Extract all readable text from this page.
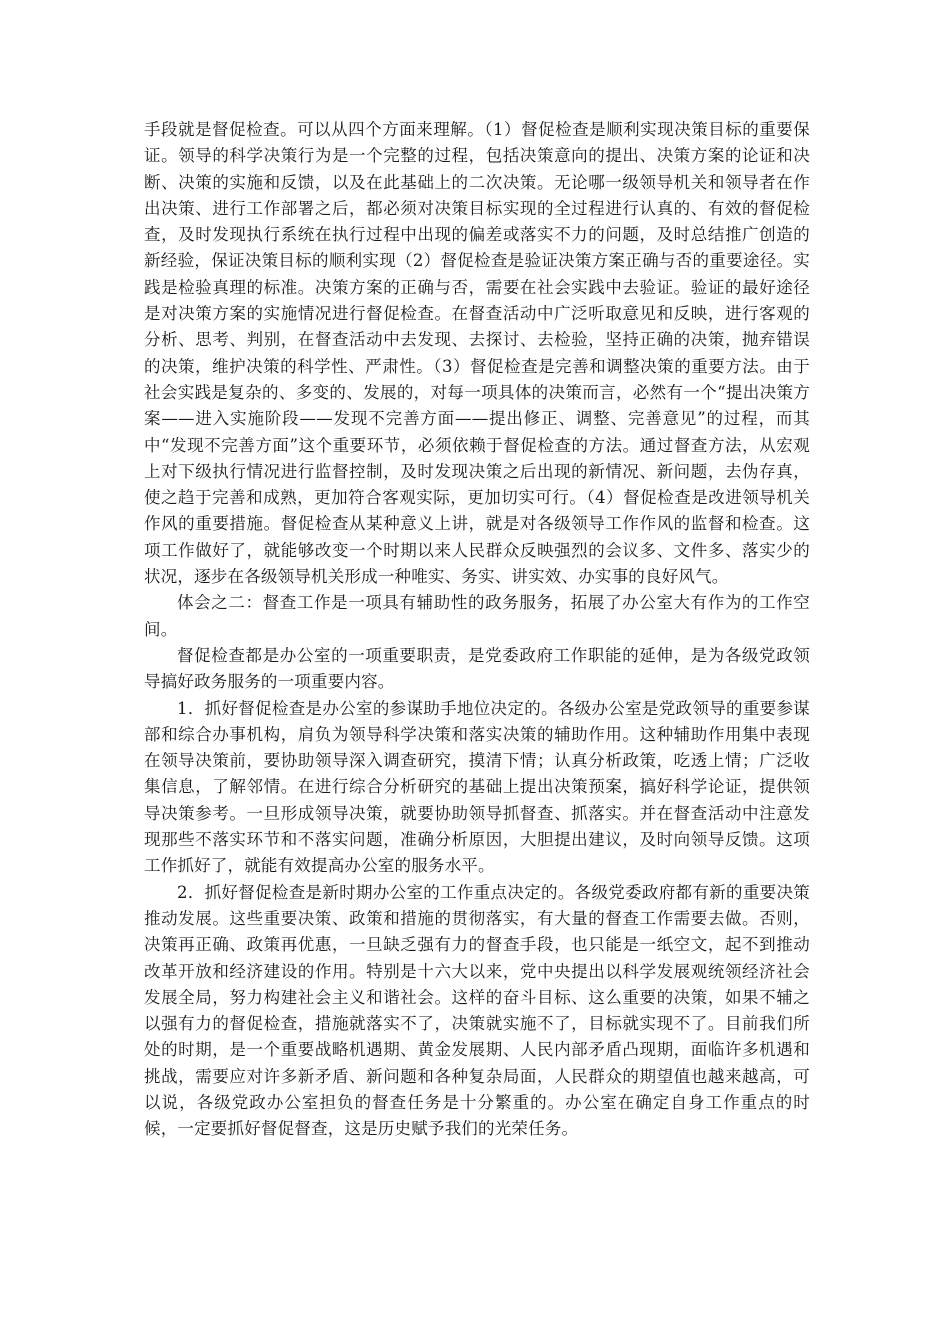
手段就是督促检查。可以从四个方面来理解。（1）督促检查是顺利实现决策目标的重要保证。领导的科学决策行为是一个完整的过程，包括决策意向的提出、决策方案的论证和决断、决策的实施和反馈，以及在此基础上的二次决策。无论哪一级领导机关和领导者在作出决策、进行工作部署之后，都必须对决策目标实现的全过程进行认真的、有效的督促检查，及时发现执行系统在执行过程中出现的偏差或落实不力的问题，及时总结推广创造的新经验，保证决策目标的顺利实现（2）督促检查是验证决策方案正确与否的重要途径。实践是检验真理的标准。决策方案的正确与否，需要在社会实践中去验证。验证的最好途径是对决策方案的实施情况进行督促检查。在督查活动中广泛听取意见和反映，进行客观的分析、思考、判别，在督查活动中去发现、去探讨、去检验，坚持正确的决策，抛弃错误的决策，维护决策的科学性、严肃性。（3）督促检查是完善和调整决策的重要方法。由于社会实践是复杂的、多变的、发展的，对每一项具体的决策而言，必然有一个“提出决策方案——进入实施阶段——发现不完善方面——提出修正、调整、完善意见”的过程，而其中“发现不完善方面”这个重要环节，必须依赖于督促检查的方法。通过督查方法，从宏观上对下级执行情况进行监督控制，及时发现决策之后出现的新情况、新问题，去伪存真，使之趋于完善和成熟，更加符合客观实际，更加切实可行。（4）督促检查是改进领导机关作风的重要措施。督促检查从某种意义上讲，就是对各级领导工作作风的监督和检查。这项工作做好了，就能够改变一个时期以来人民群众反映强烈的会议多、文件多、落实少的状况，逐步在各级领导机关形成一种唯实、务实、讲实效、办实事的良好风气。

体会之二：督查工作是一项具有辅助性的政务服务，拓展了办公室大有作为的工作空间。

督促检查都是办公室的一项重要职责，是党委政府工作职能的延伸，是为各级党政领导搞好政务服务的一项重要内容。

1．抓好督促检查是办公室的参谋助手地位决定的。各级办公室是党政领导的重要参谋部和综合办事机构，肩负为领导科学决策和落实决策的辅助作用。这种辅助作用集中表现在领导决策前，要协助领导深入调查研究，摸清下情；认真分析政策，吃透上情；广泛收集信息，了解邻情。在进行综合分析研究的基础上提出决策预案，搞好科学论证，提供领导决策参考。一旦形成领导决策，就要协助领导抓督查、抓落实。并在督查活动中注意发现那些不落实环节和不落实问题，准确分析原因，大胆提出建议，及时向领导反馈。这项工作抓好了，就能有效提高办公室的服务水平。

2．抓好督促检查是新时期办公室的工作重点决定的。各级党委政府都有新的重要决策推动发展。这些重要决策、政策和措施的贯彻落实，有大量的督查工作需要去做。否则，决策再正确、政策再优惠，一旦缺乏强有力的督查手段，也只能是一纸空文，起不到推动改革开放和经济建设的作用。特别是十六大以来，党中央提出以科学发展观统领经济社会发展全局，努力构建社会主义和谐社会。这样的奋斗目标、这么重要的决策，如果不辅之以强有力的督促检查，措施就落实不了，决策就实施不了，目标就实现不了。目前我们所处的时期，是一个重要战略机遇期、黄金发展期、人民内部矛盾凸现期，面临许多机遇和挑战，需要应对许多新矛盾、新问题和各种复杂局面，人民群众的期望值也越来越高，可以说，各级党政办公室担负的督查任务是十分繁重的。办公室在确定自身工作重点的时候，一定要抓好督促督查，这是历史赋予我们的光荣任务。
